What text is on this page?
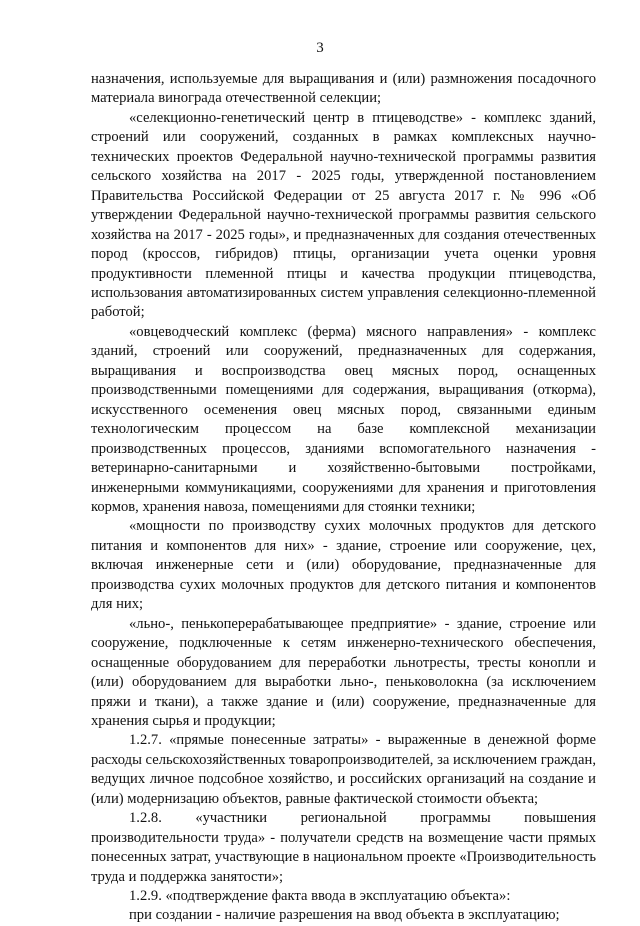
3

назначения, используемые для выращивания и (или) размножения посадочного материала винограда отечественной селекции;

«селекционно-генетический центр в птицеводстве» - комплекс зданий, строений или сооружений, созданных в рамках комплексных научно-технических проектов Федеральной научно-технической программы развития сельского хозяйства на 2017 - 2025 годы, утвержденной постановлением Правительства Российской Федерации от 25 августа 2017 г. № 996 «Об утверждении Федеральной научно-технической программы развития сельского хозяйства на 2017 - 2025 годы», и предназначенных для создания отечественных пород (кроссов, гибридов) птицы, организации учета оценки уровня продуктивности племенной птицы и качества продукции птицеводства, использования автоматизированных систем управления селекционно-племенной работой;

«овцеводческий комплекс (ферма) мясного направления» - комплекс зданий, строений или сооружений, предназначенных для содержания, выращивания и воспроизводства овец мясных пород, оснащенных производственными помещениями для содержания, выращивания (откорма), искусственного осеменения овец мясных пород, связанными единым технологическим процессом на базе комплексной механизации производственных процессов, зданиями вспомогательного назначения - ветеринарно-санитарными и хозяйственно-бытовыми постройками, инженерными коммуникациями, сооружениями для хранения и приготовления кормов, хранения навоза, помещениями для стоянки техники;

«мощности по производству сухих молочных продуктов для детского питания и компонентов для них» - здание, строение или сооружение, цех, включая инженерные сети и (или) оборудование, предназначенные для производства сухих молочных продуктов для детского питания и компонентов для них;

«льно-, пенькоперерабатывающее предприятие» - здание, строение или сооружение, подключенные к сетям инженерно-технического обеспечения, оснащенные оборудованием для переработки льнотресты, тресты конопли и (или) оборудованием для выработки льно-, пеньковолокна (за исключением пряжи и ткани), а также здание и (или) сооружение, предназначенные для хранения сырья и продукции;

1.2.7. «прямые понесенные затраты» - выраженные в денежной форме расходы сельскохозяйственных товаропроизводителей, за исключением граждан, ведущих личное подсобное хозяйство, и российских организаций на создание и (или) модернизацию объектов, равные фактической стоимости объекта;

1.2.8. «участники региональной программы повышения производительности труда» - получатели средств на возмещение части прямых понесенных затрат, участвующие в национальном проекте «Производительность труда и поддержка занятости»;

1.2.9. «подтверждение факта ввода в эксплуатацию объекта»:

при создании - наличие разрешения на ввод объекта в эксплуатацию;
